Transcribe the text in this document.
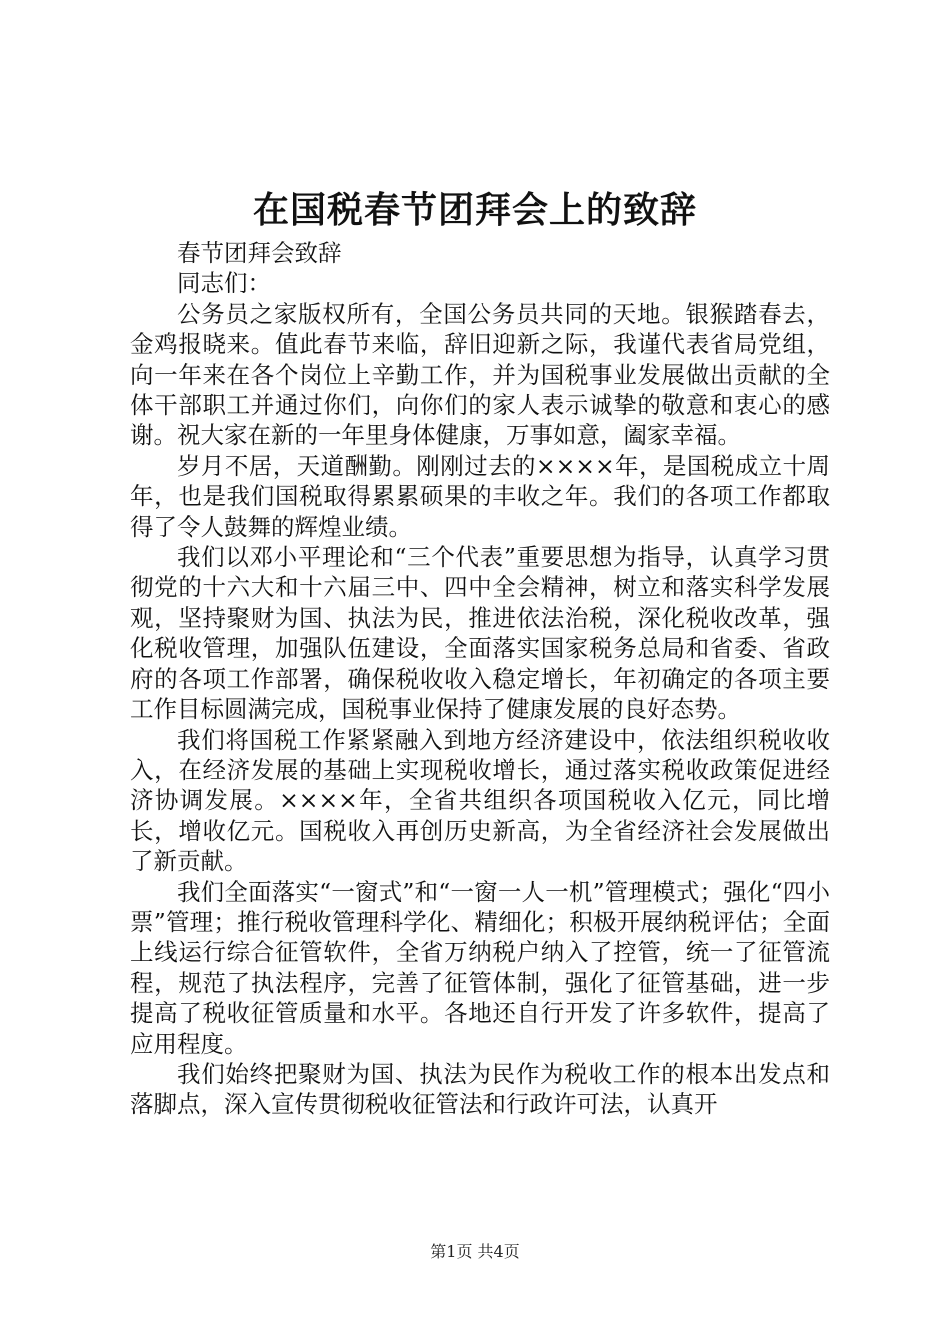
在国税春节团拜会上的致辞

春节团拜会致辞

同志们：

公务员之家版权所有，全国公务员共同的天地。银猴踏春去，金鸡报晓来。值此春节来临，辞旧迎新之际，我谨代表省局党组，向一年来在各个岗位上辛勤工作，并为国税事业发展做出贡献的全体干部职工并通过你们，向你们的家人表示诚挚的敬意和衷心的感谢。祝大家在新的一年里身体健康，万事如意，阖家幸福。

岁月不居，天道酬勤。刚刚过去的××××年，是国税成立十周年，也是我们国税取得累累硕果的丰收之年。我们的各项工作都取得了令人鼓舞的辉煌业绩。

我们以邓小平理论和“三个代表”重要思想为指导，认真学习贯彻党的十六大和十六届三中、四中全会精神，树立和落实科学发展观，坚持聚财为国、执法为民，推进依法治税，深化税收改革，强化税收管理，加强队伍建设，全面落实国家税务总局和省委、省政府的各项工作部署，确保税收收入稳定增长，年初确定的各项主要工作目标圆满完成，国税事业保持了健康发展的良好态势。

我们将国税工作紧紧融入到地方经济建设中，依法组织税收收入，在经济发展的基础上实现税收增长，通过落实税收政策促进经济协调发展。××××年，全省共组织各项国税收入亿元，同比增长，增收亿元。国税收入再创历史新高，为全省经济社会发展做出了新贡献。

我们全面落实“一窗式”和“一窗一人一机”管理模式；强化“四小票”管理；推行税收管理科学化、精细化；积极开展纳税评估；全面上线运行综合征管软件，全省万纳税户纳入了控管，统一了征管流程，规范了执法程序，完善了征管体制，强化了征管基础，进一步提高了税收征管质量和水平。各地还自行开发了许多软件，提高了应用程度。

我们始终把聚财为国、执法为民作为税收工作的根本出发点和落脚点，深入宣传贯彻税收征管法和行政许可法，认真开

第1页 共4页
